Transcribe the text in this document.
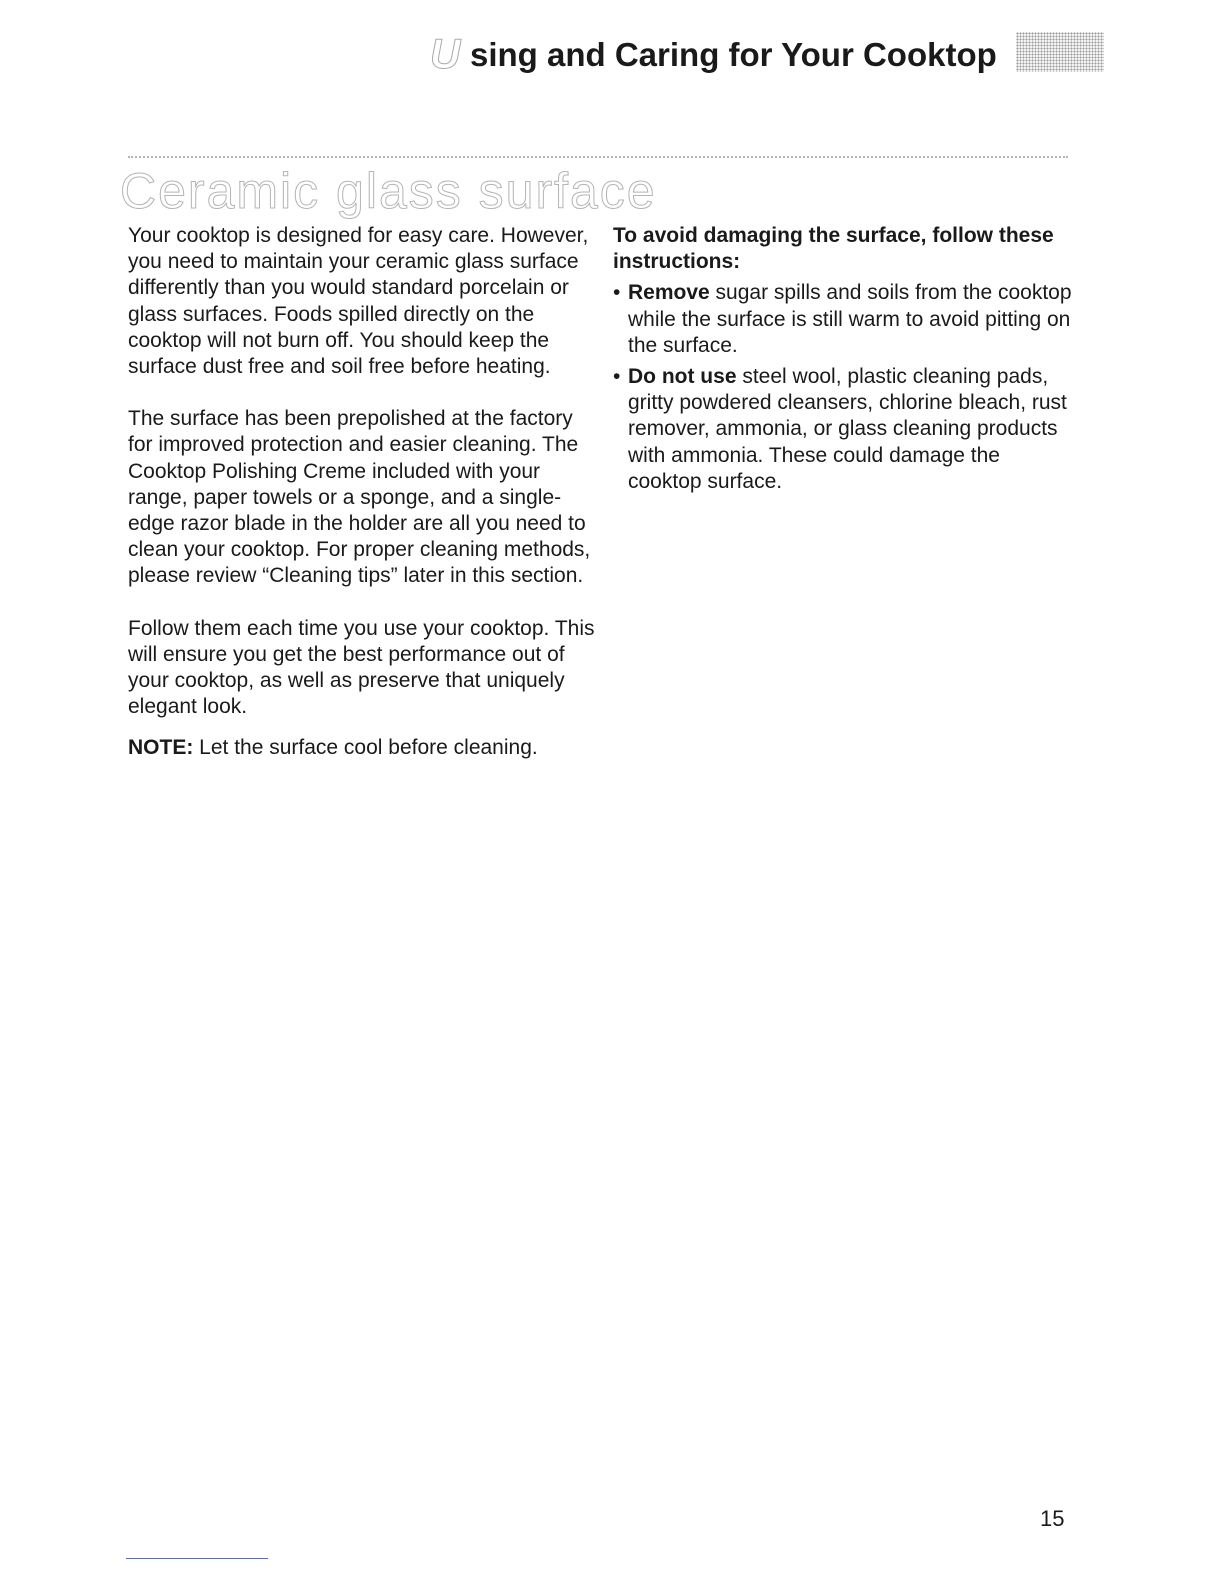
U sing and Caring for Your Cooktop
Ceramic glass surface

Your cooktop is designed for easy care. However, you need to maintain your ceramic glass surface differently than you would standard porcelain or glass surfaces. Foods spilled directly on the cooktop will not burn off. You should keep the surface dust free and soil free before heating.

The surface has been prepolished at the factory for improved protection and easier cleaning. The Cooktop Polishing Creme included with your range, paper towels or a sponge, and a single-edge razor blade in the holder are all you need to clean your cooktop. For proper cleaning methods, please review “Cleaning tips” later in this section.

Follow them each time you use your cooktop. This will ensure you get the best performance out of your cooktop, as well as preserve that uniquely elegant look.

NOTE: Let the surface cool before cleaning.

To avoid damaging the surface, follow these instructions:
• Remove sugar spills and soils from the cooktop while the surface is still warm to avoid pitting on the surface.
• Do not use steel wool, plastic cleaning pads, gritty powdered cleansers, chlorine bleach, rust remover, ammonia, or glass cleaning products with ammonia. These could damage the cooktop surface.
15
